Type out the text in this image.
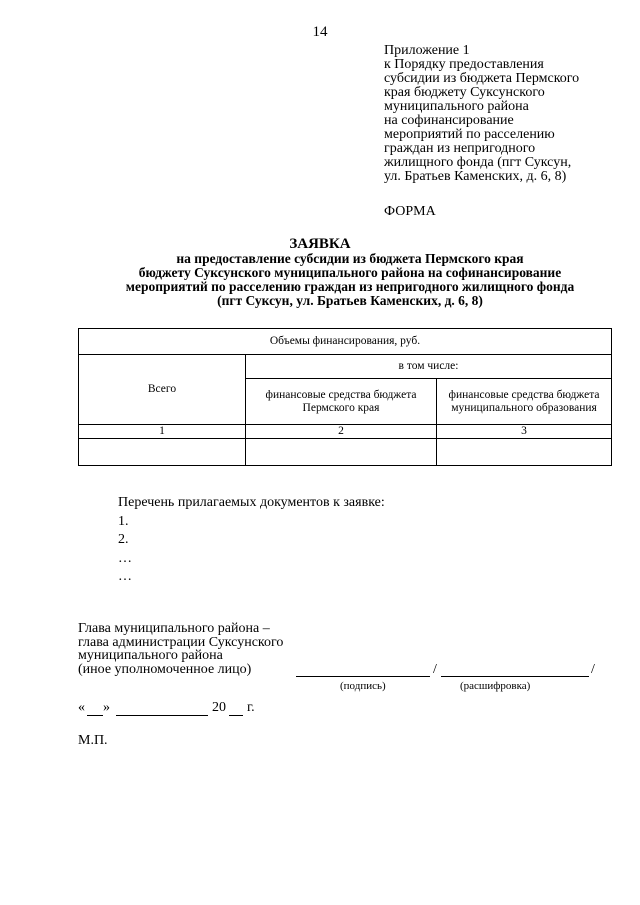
14
Приложение 1
к Порядку предоставления
субсидии из бюджета Пермского
края бюджету Суксунского
муниципального района
на софинансирование
мероприятий по расселению
граждан из непригодного
жилищного фонда (пгт Суксун,
ул. Братьев Каменских, д. 6, 8)
ФОРМА
ЗАЯВКА
на предоставление субсидии из бюджета Пермского края
бюджету Суксунского муниципального района на софинансирование
мероприятий по расселению граждан из непригодного жилищного фонда
(пгт Суксун, ул. Братьев Каменских, д. 6, 8)
Объемы финансирования, руб.		
Всего	в том числе:	
	финансовые средства бюджета Пермского края	финансовые средства бюджета муниципального образования
1	2	3

Перечень прилагаемых документов к заявке:
1.
2.
…
…
Глава муниципального района –
глава администрации Суксунского
муниципального района
(иное уполномоченное лицо)	/	/
(подпись)	(расшифровка)
« »	20 г.
М.П.
